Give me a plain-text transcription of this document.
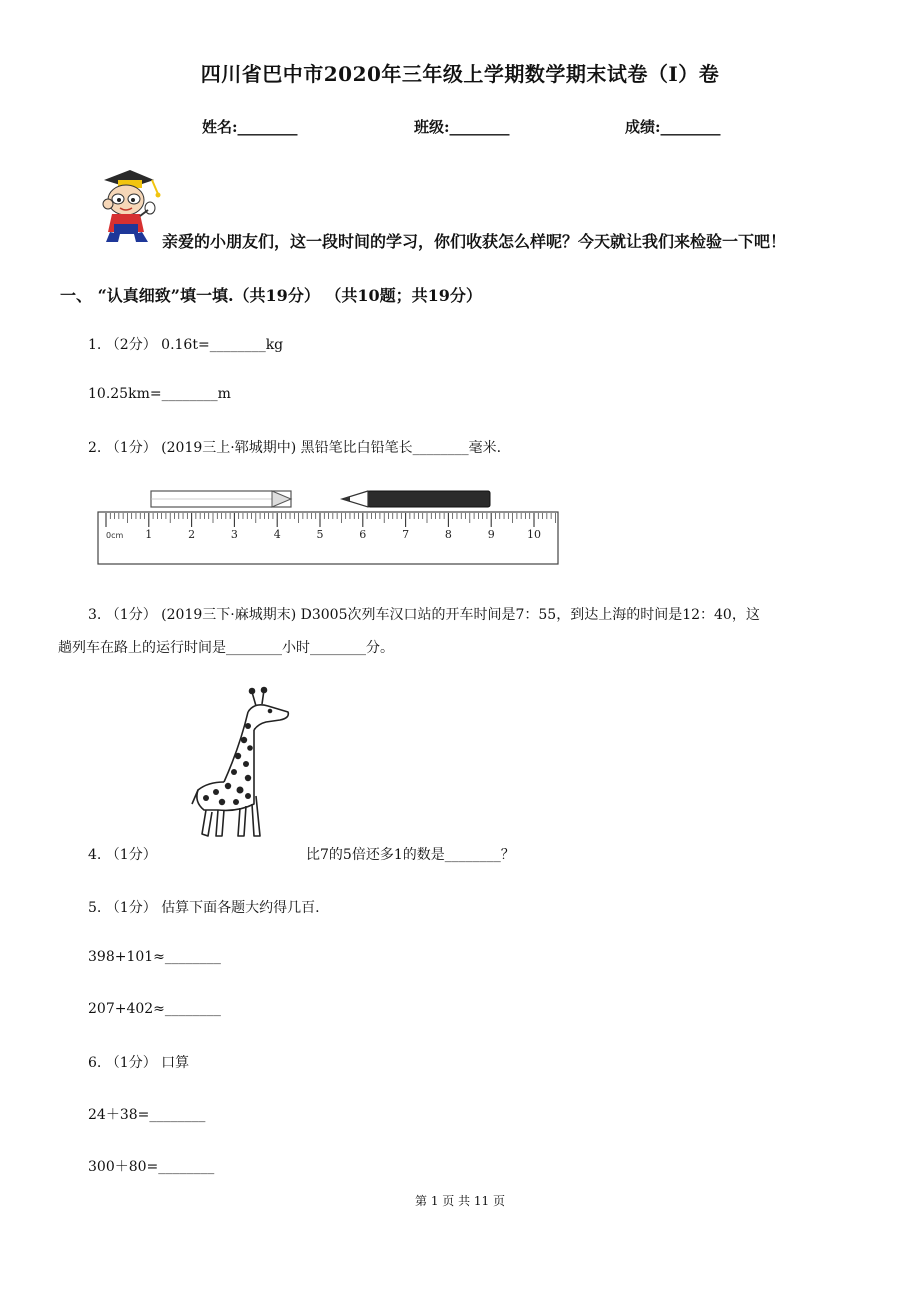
四川省巴中市2020年三年级上学期数学期末试卷（I）卷
姓名:________	班级:________	成绩:________
亲爱的小朋友们，这一段时间的学习，你们收获怎么样呢？今天就让我们来检验一下吧！
一、 “认真细致”填一填.（共19分） （共10题；共19分）
1. （2分） 0.16t=________kg
10.25km=________m
2. （1分） (2019三上·郓城期中) 黑铅笔比白铅笔长________毫米.
0cm 1	2	3	4	5	6	7	8	9	10
3. （1分） (2019三下·麻城期末) D3005次列车汉口站的开车时间是7：55，到达上海的时间是12：40，这
趟列车在路上的运行时间是________小时________分。
4. （1分）	比7的5倍还多1的数是________？
5. （1分） 估算下面各题大约得几百.
398+101≈________
207+402≈________
6. （1分） 口算
24＋38=________
300＋80=________
第 1 页 共 11 页
